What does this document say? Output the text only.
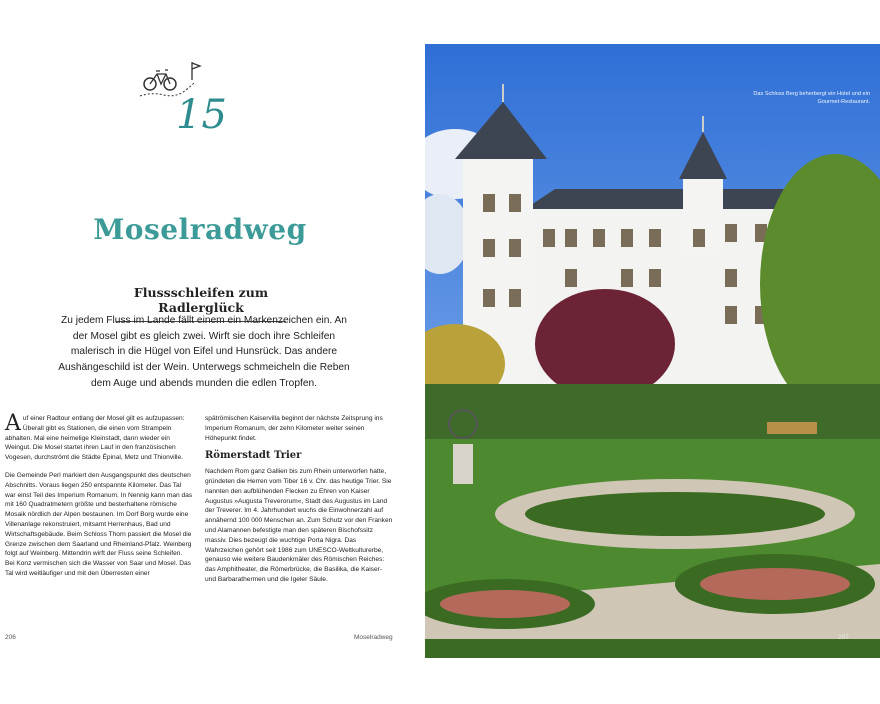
15
Moselradweg
Flussschleifen zum Radlerglück
Zu jedem Fluss im Lande fällt einem ein Markenzeichen ein. An der Mosel gibt es gleich zwei. Wirft sie doch ihre Schleifen malerisch in die Hügel von Eifel und Hunsrück. Das andere Aushängeschild ist der Wein. Unterwegs schmeicheln die Reben dem Auge und abends munden die edlen Tropfen.

Auf einer Radtour entlang der Mosel gilt es aufzupassen: Überall gibt es Stationen, die einen vom Strampeln abhalten. Mal eine heimelige Kleinstadt, dann wieder ein Weingut. Die Mosel startet ihren Lauf in den französischen Vogesen, durchströmt die Städte Épinal, Metz und Thionville.

Die Gemeinde Perl markiert den Ausgangspunkt des deutschen Abschnitts. Voraus liegen 250 entspannte Kilometer. Das Tal war einst Teil des Imperium Romanum. In Nennig kann man das mit 160 Quadratmetern größte und besterhaltene römische Mosaik nördlich der Alpen bestaunen. Im Dorf Borg wurde eine Villenanlage rekonstruiert, mitsamt Herrenhaus, Bad und Wirtschaftsgebäude. Beim Schloss Thorn passiert die Mosel die Grenze zwischen dem Saarland und Rheinland-Pfalz. Weinberg folgt auf Weinberg. Mittendrin wirft der Fluss seine Schleifen. Bei Konz vermischen sich die Wasser von Saar und Mosel. Das Tal wird weitläufiger und mit den Überresten einer

spätrömischen Kaiservilla beginnt der nächste Zeitsprung ins Imperium Romanum, der zehn Kilometer weiter seinen Höhepunkt findet.

Römerstadt Trier

Nachdem Rom ganz Gallien bis zum Rhein unterworfen hatte, gründeten die Herren vom Tiber 16 v. Chr. das heutige Trier. Sie nannten den aufblühenden Flecken zu Ehren von Kaiser Augustus »Augusta Treverorum«, Stadt des Augustus im Land der Treverer. Im 4. Jahrhundert wuchs die Einwohnerzahl auf annähernd 100 000 Menschen an. Zum Schutz vor den Franken und Alamannen befestigte man den späteren Bischofssitz massiv. Dies bezeugt die wuchtige Porta Nigra. Das Wahrzeichen gehört seit 1986 zum UNESCO-Weltkulturerbe, genauso wie weitere Baudenkmäler des Römischen Reiches: das Amphitheater, die Römerbrücke, die Basilika, die Kaiser- und Barbarathermen und die Igeler Säule.

206	Moselradweg
Das Schloss Berg beherbergt ein Hotel und ein Gourmet-Restaurant.
207
